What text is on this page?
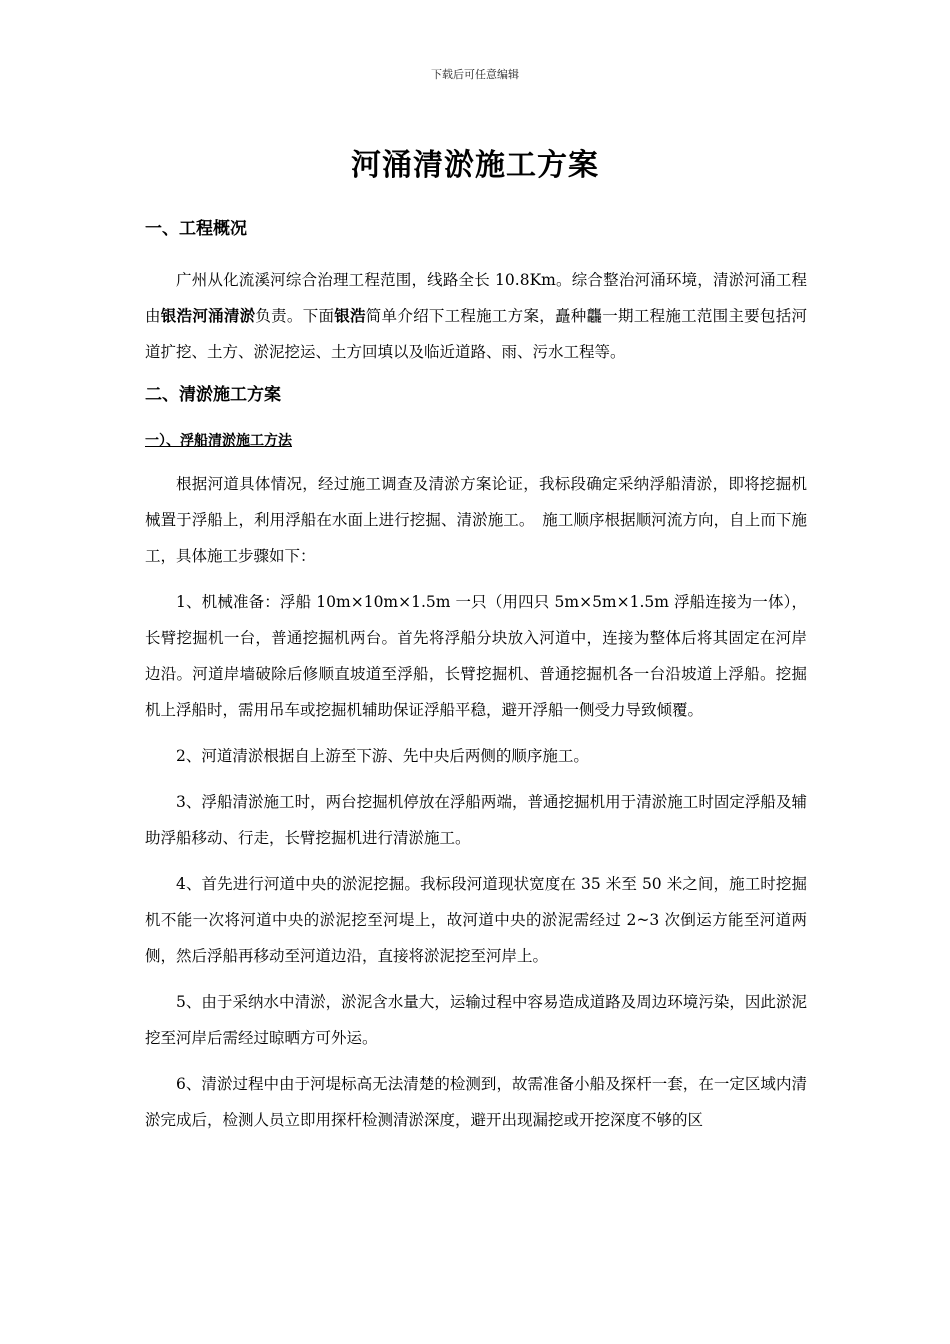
下载后可任意编辑
河涌清淤施工方案
一、工程概况

广州从化流溪河综合治理工程范围，线路全长 10.8Km。综合整治河涌环境，清淤河涌工程由银浩河涌清淤负责。下面银浩简单介绍下工程施工方案，矗种龘一期工程施工范围主要包括河道扩挖、土方、淤泥挖运、土方回填以及临近道路、雨、污水工程等。

二、清淤施工方案
一）、浮船清淤施工方法

根据河道具体情况，经过施工调查及清淤方案论证，我标段确定采纳浮船清淤，即将挖掘机械置于浮船上，利用浮船在水面上进行挖掘、清淤施工。　施工顺序根据顺河流方向，自上而下施工，具体施工步骤如下：

1、机械准备：浮船 10m×10m×1.5m 一只（用四只 5m×5m×1.5m 浮船连接为一体），长臂挖掘机一台，普通挖掘机两台。首先将浮船分块放入河道中，连接为整体后将其固定在河岸边沿。河道岸墙破除后修顺直坡道至浮船，长臂挖掘机、普通挖掘机各一台沿坡道上浮船。挖掘机上浮船时，需用吊车或挖掘机辅助保证浮船平稳，避开浮船一侧受力导致倾覆。

2、河道清淤根据自上游至下游、先中央后两侧的顺序施工。

3、浮船清淤施工时，两台挖掘机停放在浮船两端，普通挖掘机用于清淤施工时固定浮船及辅助浮船移动、行走，长臂挖掘机进行清淤施工。

4、首先进行河道中央的淤泥挖掘。我标段河道现状宽度在 35 米至 50 米之间，施工时挖掘机不能一次将河道中央的淤泥挖至河堤上，故河道中央的淤泥需经过 2~3 次倒运方能至河道两侧，然后浮船再移动至河道边沿，直接将淤泥挖至河岸上。

5、由于采纳水中清淤，淤泥含水量大，运输过程中容易造成道路及周边环境污染，因此淤泥挖至河岸后需经过晾晒方可外运。

6、清淤过程中由于河堤标高无法清楚的检测到，故需准备小船及探杆一套，在一定区域内清淤完成后，检测人员立即用探杆检测清淤深度，避开出现漏挖或开挖深度不够的区
